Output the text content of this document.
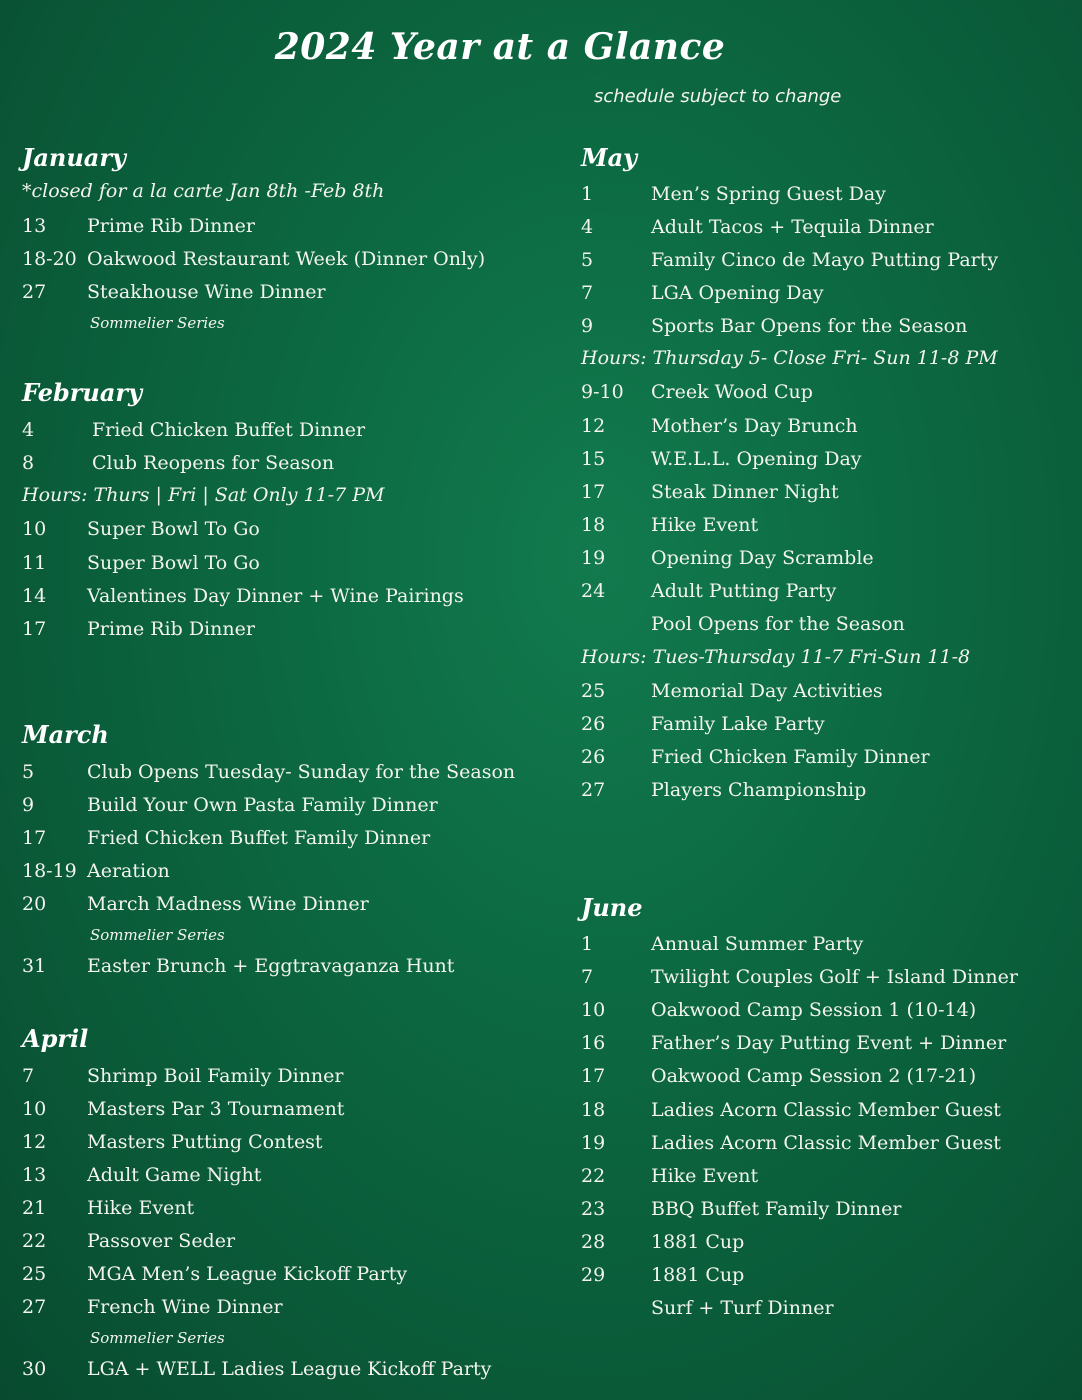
2024 Year at a Glance
schedule subject to change
January
*closed for a la carte Jan 8th -Feb 8th
13 Prime Rib Dinner
18-20 Oakwood Restaurant Week (Dinner Only)
27 Steakhouse Wine Dinner
Sommelier Series
February
4	Fried Chicken Buffet Dinner
8	Club Reopens for Season
Hours: Thurs | Fri | Sat Only 11-7 PM
10 Super Bowl To Go
11 Super Bowl To Go
14 Valentines Day Dinner + Wine Pairings
17 Prime Rib Dinner
March
5	Club Opens Tuesday- Sunday for the Season
9	Build Your Own Pasta Family Dinner
17 Fried Chicken Buffet Family Dinner
18-19 Aeration
20 March Madness Wine Dinner
Sommelier Series
31 Easter Brunch + Eggtravaganza Hunt
April
7	Shrimp Boil Family Dinner
10 Masters Par 3 Tournament
12 Masters Putting Contest
13 Adult Game Night
21 Hike Event
22 Passover Seder
25 MGA Men’s League Kickoff Party
27 French Wine Dinner
Sommelier Series
30 LGA + WELL Ladies League Kickoff Party
May
1	Men’s Spring Guest Day
4	Adult Tacos + Tequila Dinner
5	Family Cinco de Mayo Putting Party
7	LGA Opening Day
9	Sports Bar Opens for the Season
Hours: Thursday 5- Close Fri- Sun 11-8 PM
9-10 Creek Wood Cup
12 Mother’s Day Brunch
15 W.E.L.L. Opening Day
17 Steak Dinner Night
18 Hike Event
19 Opening Day Scramble
24 Adult Putting Party
Pool Opens for the Season
Hours: Tues-Thursday 11-7 Fri-Sun 11-8
25 Memorial Day Activities
26 Family Lake Party
26 Fried Chicken Family Dinner
27 Players Championship
June
1	Annual Summer Party
7	Twilight Couples Golf + Island Dinner
10 Oakwood Camp Session 1 (10-14)
16 Father’s Day Putting Event + Dinner
17 Oakwood Camp Session 2 (17-21)
18 Ladies Acorn Classic Member Guest
19 Ladies Acorn Classic Member Guest
22 Hike Event
23 BBQ Buffet Family Dinner
28 1881 Cup
29 1881 Cup
Surf + Turf Dinner
